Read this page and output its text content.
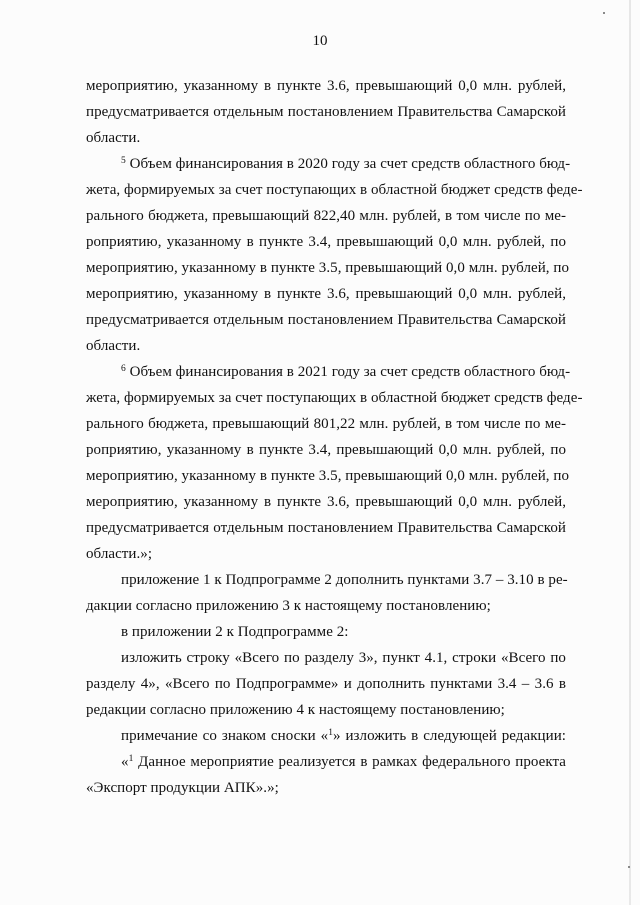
10
мероприятию, указанному в пункте 3.6, превышающий 0,0 млн. рублей,
предусматривается отдельным постановлением Правительства Самарской
области.
$^5$ Объем финансирования в 2020 году за счет средств областного бюд-
жета, формируемых за счет поступающих в областной бюджет средств феде-
рального бюджета, превышающий 822,40 млн. рублей, в том числе по ме-
роприятию, указанному в пункте 3.4, превышающий 0,0 млн. рублей, по
мероприятию, указанному в пункте 3.5, превышающий 0,0 млн. рублей, по
мероприятию, указанному в пункте 3.6, превышающий 0,0 млн. рублей,
предусматривается отдельным постановлением Правительства Самарской
области.
$^6$ Объем финансирования в 2021 году за счет средств областного бюд-
жета, формируемых за счет поступающих в областной бюджет средств феде-
рального бюджета, превышающий 801,22 млн. рублей, в том числе по ме-
роприятию, указанному в пункте 3.4, превышающий 0,0 млн. рублей, по
мероприятию, указанному в пункте 3.5, превышающий 0,0 млн. рублей, по
мероприятию, указанному в пункте 3.6, превышающий 0,0 млн. рублей,
предусматривается отдельным постановлением Правительства Самарской
области.»;
приложение 1 к Подпрограмме 2 дополнить пунктами 3.7 – 3.10 в ре-
дакции согласно приложению 3 к настоящему постановлению;
в приложении 2 к Подпрограмме 2:
изложить строку «Всего по разделу 3», пункт 4.1, строки «Всего по
разделу 4», «Всего по Подпрограмме» и дополнить пунктами 3.4 – 3.6 в
редакции согласно приложению 4 к настоящему постановлению;
примечание со знаком сноски «$^1$» изложить в следующей редакции:
«$^1$ Данное мероприятие реализуется в рамках федерального проекта
«Экспорт продукции АПК».»;
